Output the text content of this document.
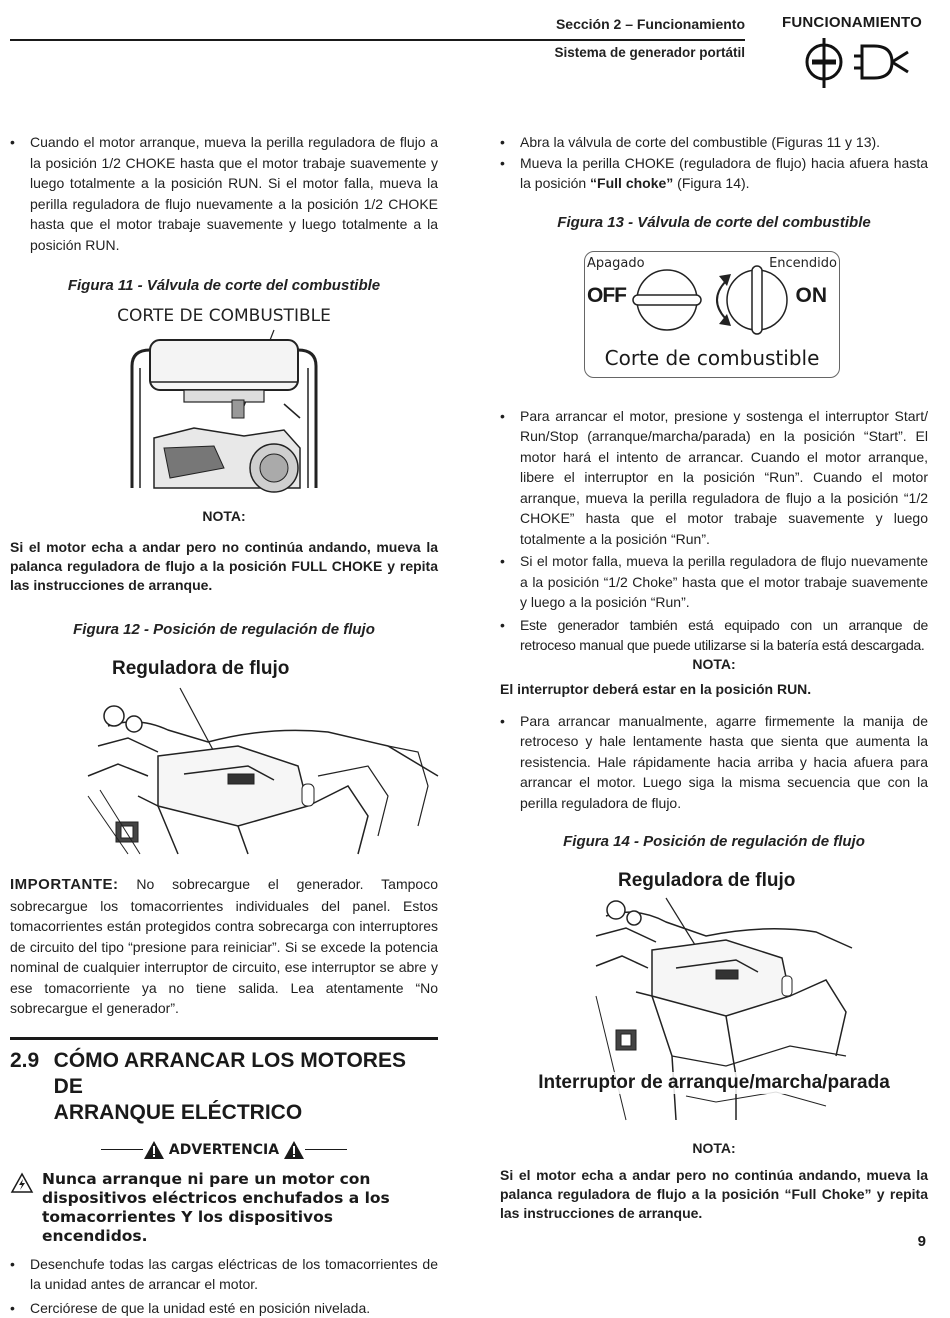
Sección 2 – Funcionamiento
Sistema de generador portátil
FUNCIONAMIENTO

• Cuando el motor arranque, mueva la perilla reguladora de flujo a la posición 1/2 CHOKE hasta que el motor trabaje suavemente y luego totalmente a la posición RUN. Si el motor falla, mueva la perilla reguladora de flujo nuevamente a la posición 1/2 CHOKE hasta que el motor trabaje suavemente y luego totalmente a la posición RUN.

Figura 11 - Válvula de corte del combustible
CORTE DE COMBUSTIBLE
NOTA:

Si el motor echa a andar pero no continúa andando, mueva la palanca reguladora de flujo a la posición FULL CHOKE y repita las instrucciones de arranque.

Figura 12 - Posición de regulación de flujo
Reguladora de flujo

IMPORTANTE: No sobrecargue el generador. Tampoco sobrecargue los tomacorrientes individuales del panel. Estos tomacorrientes están protegidos contra sobrecarga con interruptores de circuito del tipo “presione para reiniciar”. Si se excede la potencia nominal de cualquier interruptor de circuito, ese interruptor se abre y ese tomacorriente ya no tiene salida. Lea atentamente “No sobrecargue el generador”.

2.9 CÓMO ARRANCAR LOS MOTORES DE
ARRANQUE ELÉCTRICO
ADVERTENCIA

Nunca arranque ni pare un motor con dispositivos eléctricos enchufados a los tomacorrientes Y los dispositivos encendidos.

• Desenchufe todas las cargas eléctricas de los tomacorrientes de la unidad antes de arrancar el motor.

• Cerciórese de que la unidad esté en posición nivelada.

• Abra la válvula de corte del combustible (Figuras 11 y 13).

• Mueva la perilla CHOKE (reguladora de flujo) hacia afuera hasta la posición “Full choke” (Figura 14).

Figura 13 - Válvula de corte del combustible
Apagado	Encendido
OFF	ON
Corte de combustible

• Para arrancar el motor, presione y sostenga el interruptor Start/ Run/Stop (arranque/marcha/parada) en la posición “Start”. El motor hará el intento de arrancar. Cuando el motor arranque, libere el interruptor en la posición “Run”. Cuando el motor arranque, mueva la perilla reguladora de flujo a la posición “1/2 CHOKE” hasta que el motor trabaje suavemente y luego totalmente a la posición “Run”.

• Si el motor falla, mueva la perilla reguladora de flujo nuevamente a la posición “1/2 Choke” hasta que el motor trabaje suavemente y luego a la posición “Run”.

• Este generador también está equipado con un arranque de retroceso manual que puede utilizarse si la batería está descargada.

NOTA:

El interruptor deberá estar en la posición RUN.

• Para arrancar manualmente, agarre firmemente la manija de retroceso y hale lentamente hasta que sienta que aumenta la resistencia. Hale rápidamente hacia arriba y hacia afuera para arrancar el motor. Luego siga la misma secuencia que con la perilla reguladora de flujo.

Figura 14 - Posición de regulación de flujo
Reguladora de flujo
Interruptor de arranque/marcha/parada
NOTA:

Si el motor echa a andar pero no continúa andando, mueva la palanca reguladora de flujo a la posición “Full Choke” y repita las instrucciones de arranque.

9
